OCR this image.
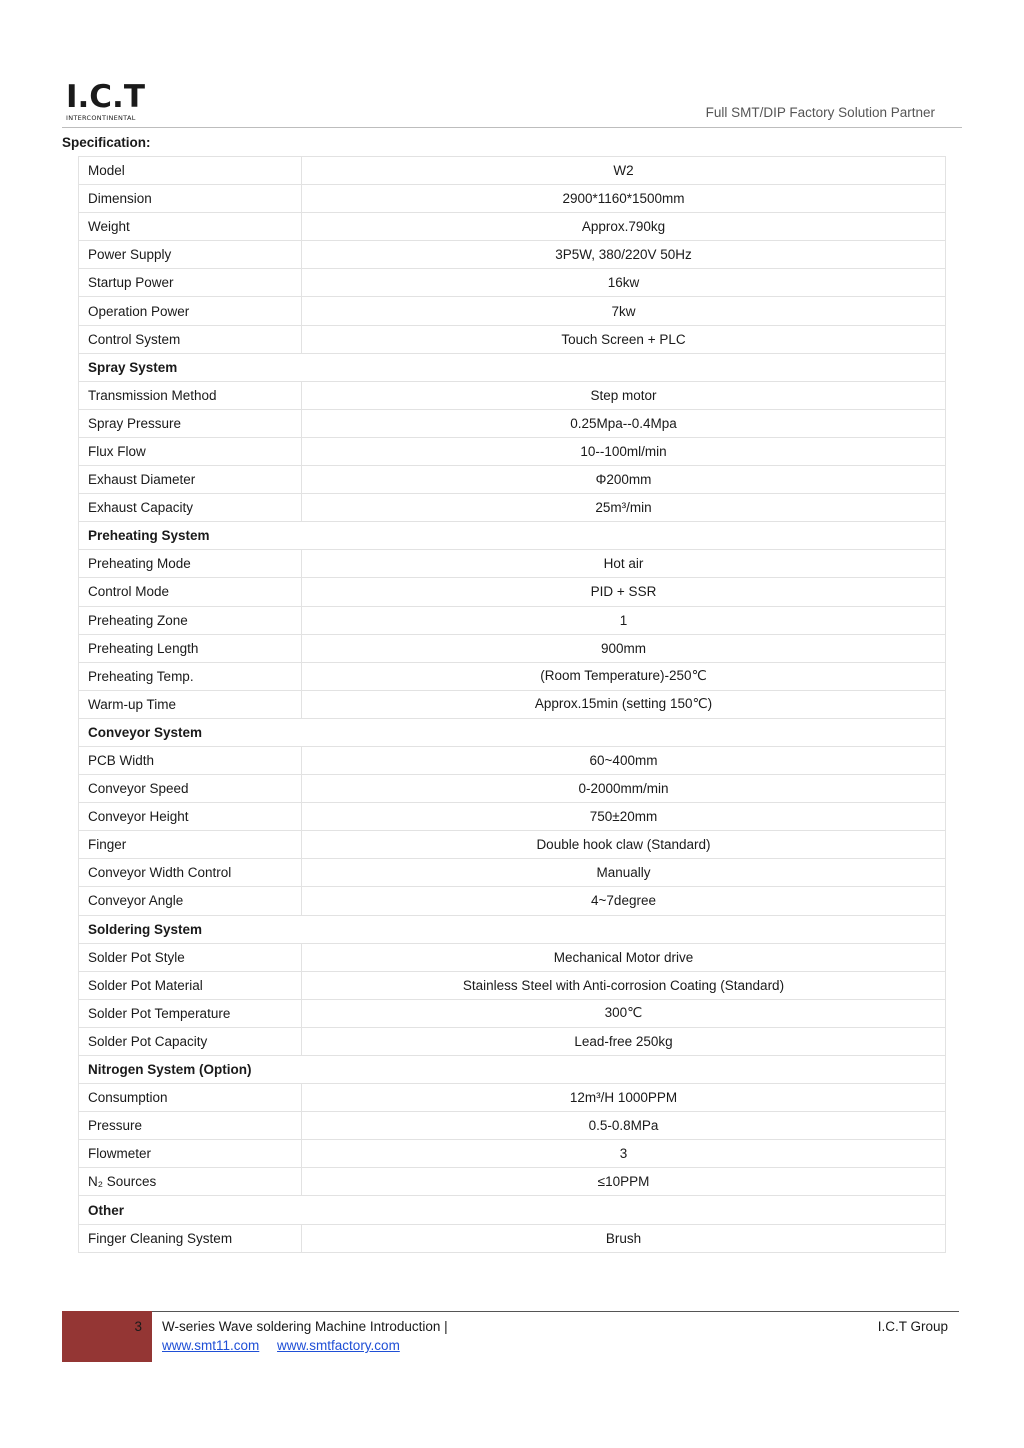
I.C.T
INTERCONTINENTAL	Full SMT/DIP Factory Solution Partner
Specification:
Model	W2
Dimension	2900*1160*1500mm
Weight	Approx.790kg
Power Supply	3P5W, 380/220V 50Hz
Startup Power	16kw
Operation Power	7kw
Control System	Touch Screen + PLC
Spray System	
Transmission Method	Step motor
Spray Pressure	0.25Mpa--0.4Mpa
Flux Flow	10--100ml/min
Exhaust Diameter	Φ200mm
Exhaust Capacity	25m³/min
Preheating System	
Preheating Mode	Hot air
Control Mode	PID + SSR
Preheating Zone	1
Preheating Length	900mm
Preheating Temp.	(Room Temperature)-250℃
Warm-up Time	Approx.15min (setting 150℃)
Conveyor System	
PCB Width	60~400mm
Conveyor Speed	0-2000mm/min
Conveyor Height	750±20mm
Finger	Double hook claw (Standard)
Conveyor Width Control	Manually
Conveyor Angle	4~7degree
Soldering System	
Solder Pot Style	Mechanical Motor drive
Solder Pot Material	Stainless Steel with Anti-corrosion Coating (Standard)
Solder Pot Temperature	300℃
Solder Pot Capacity	Lead-free 250kg
Nitrogen System (Option)	
Consumption	12m³/H 1000PPM
Pressure	0.5-0.8MPa
Flowmeter	3
N₂ Sources	≤10PPM
Other	
Finger Cleaning System	Brush
3 W-series Wave soldering Machine Introduction |
www.smt11.com www.smtfactory.com
I.C.T Group
